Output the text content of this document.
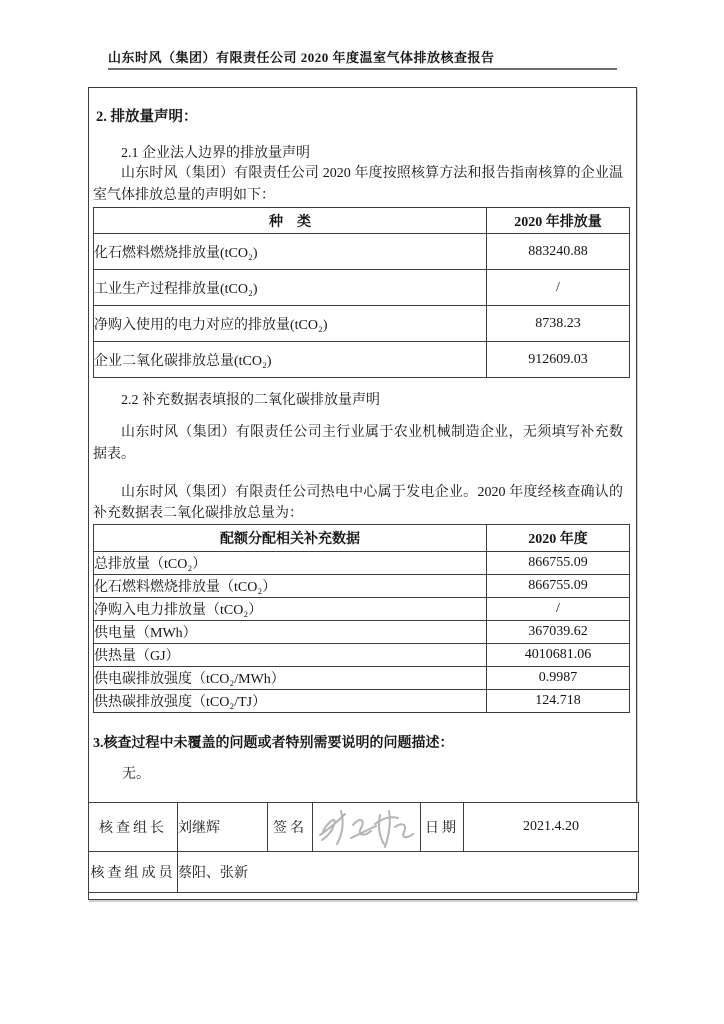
山东时风（集团）有限责任公司 2020 年度温室气体排放核查报告
2. 排放量声明：
2.1 企业法人边界的排放量声明
山东时风（集团）有限责任公司 2020 年度按照核算方法和报告指南核算的企业温室气体排放总量的声明如下：
种　类	2020 年排放量
化石燃料燃烧排放量(tCO₂)	883240.88
工业生产过程排放量(tCO₂)	/
净购入使用的电力对应的排放量(tCO₂)	8738.23
企业二氧化碳排放总量(tCO₂)	912609.03
2.2 补充数据表填报的二氧化碳排放量声明
山东时风（集团）有限责任公司主行业属于农业机械制造企业，无须填写补充数据表。
山东时风（集团）有限责任公司热电中心属于发电企业。2020 年度经核查确认的补充数据表二氧化碳排放总量为：
配额分配相关补充数据	2020 年度
总排放量（tCO₂）	866755.09
化石燃料燃烧排放量（tCO₂）	866755.09
净购入电力排放量（tCO₂）	/
供电量（MWh）	367039.62
供热量（GJ）	4010681.06
供电碳排放强度（tCO₂/MWh）	0.9987
供热碳排放强度（tCO₂/TJ）	124.718
3.核查过程中未覆盖的问题或者特别需要说明的问题描述：
无。
核查组长	刘继辉	签名		日期	2021.4.20
核查组成员	蔡阳、张新				
